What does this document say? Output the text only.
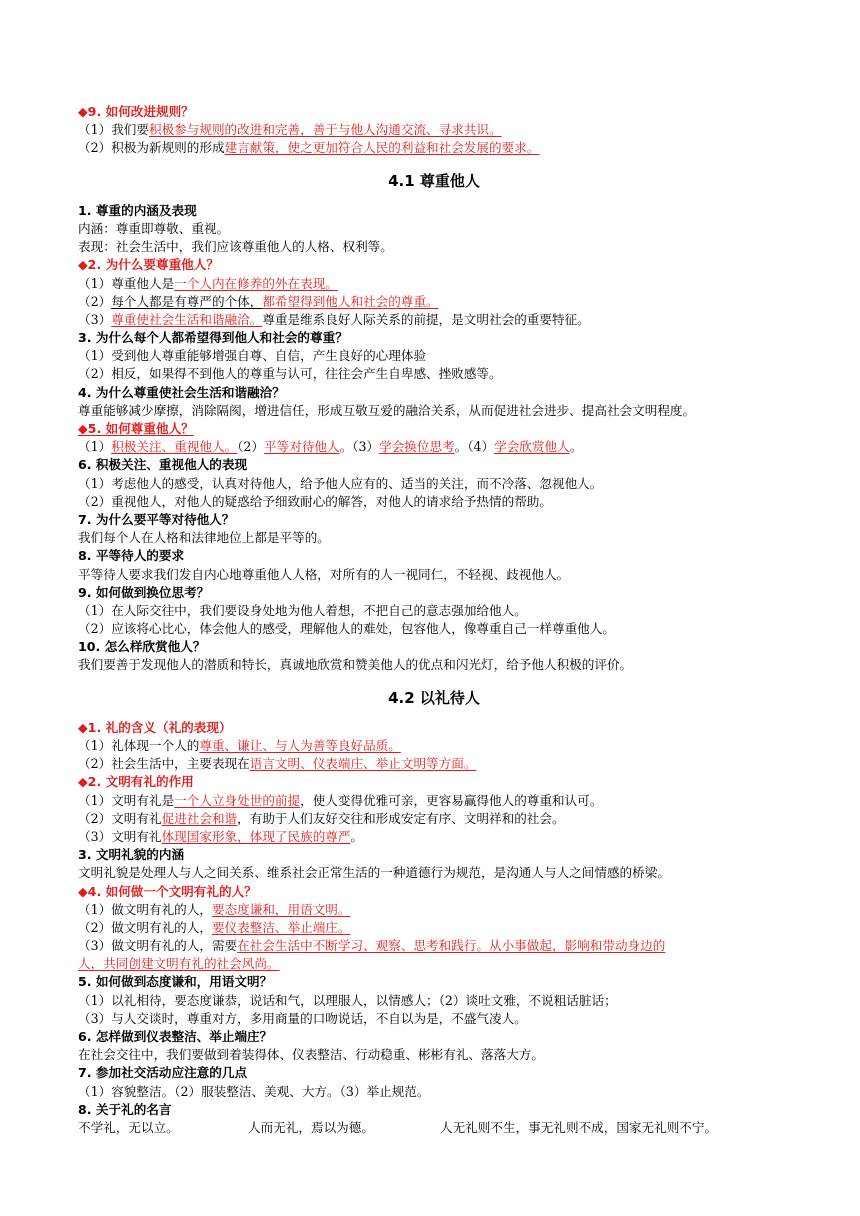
◆9. 如何改进规则？
（1）我们要积极参与规则的改进和完善，善于与他人沟通交流、寻求共识。
（2）积极为新规则的形成建言献策，使之更加符合人民的利益和社会发展的要求。
4.1 尊重他人
1. 尊重的内涵及表现
内涵：尊重即尊敬、重视。
表现：社会生活中，我们应该尊重他人的人格、权利等。
◆2. 为什么要尊重他人？
（1）尊重他人是一个人内在修养的外在表现。
（2）每个人都是有尊严的个体，都希望得到他人和社会的尊重。
（3）尊重使社会生活和谐融洽。尊重是维系良好人际关系的前提，是文明社会的重要特征。
3. 为什么每个人都希望得到他人和社会的尊重？
（1）受到他人尊重能够增强自尊、自信，产生良好的心理体验
（2）相反，如果得不到他人的尊重与认可，往往会产生自卑感、挫败感等。
4. 为什么尊重使社会生活和谐融洽？
尊重能够减少摩擦，消除隔阂，增进信任，形成互敬互爱的融洽关系，从而促进社会进步、提高社会文明程度。
◆5. 如何尊重他人？
（1）积极关注、重视他人。（2）平等对待他人。（3）学会换位思考。（4）学会欣赏他人。
6. 积极关注、重视他人的表现
（1）考虑他人的感受，认真对待他人，给予他人应有的、适当的关注，而不冷落、忽视他人。
（2）重视他人，对他人的疑惑给予细致耐心的解答，对他人的请求给予热情的帮助。
7. 为什么要平等对待他人？
我们每个人在人格和法律地位上都是平等的。
8. 平等待人的要求
平等待人要求我们发自内心地尊重他人人格，对所有的人一视同仁，不轻视、歧视他人。
9. 如何做到换位思考？
（1）在人际交往中，我们要设身处地为他人着想，不把自己的意志强加给他人。
（2）应该将心比心，体会他人的感受，理解他人的难处，包容他人，像尊重自己一样尊重他人。
10. 怎么样欣赏他人？
我们要善于发现他人的潜质和特长，真诚地欣赏和赞美他人的优点和闪光灯，给予他人积极的评价。
4.2 以礼待人
◆1. 礼的含义（礼的表现）
（1）礼体现一个人的尊重、谦让、与人为善等良好品质。
（2）社会生活中，主要表现在语言文明、仪表端庄、举止文明等方面。
◆2. 文明有礼的作用
（1）文明有礼是一个人立身处世的前提，使人变得优雅可亲，更容易赢得他人的尊重和认可。
（2）文明有礼促进社会和谐，有助于人们友好交往和形成安定有序、文明祥和的社会。
（3）文明有礼体现国家形象，体现了民族的尊严。
3. 文明礼貌的内涵
文明礼貌是处理人与人之间关系、维系社会正常生活的一种道德行为规范，是沟通人与人之间情感的桥梁。
◆4. 如何做一个文明有礼的人？
（1）做文明有礼的人，要态度谦和，用语文明。
（2）做文明有礼的人，要仪表整洁、举止端庄。
（3）做文明有礼的人，需要在社会生活中不断学习、观察、思考和践行。从小事做起，影响和带动身边的
人，共同创建文明有礼的社会风尚。
5. 如何做到态度谦和，用语文明？
（1）以礼相待，要态度谦恭，说话和气，以理服人，以情感人；（2）谈吐文雅，不说粗话脏话；
（3）与人交谈时，尊重对方，多用商量的口吻说话，不自以为是，不盛气凌人。
6. 怎样做到仪表整洁、举止端庄？
在社会交往中，我们要做到着装得体、仪表整洁、行动稳重、彬彬有礼、落落大方。
7. 参加社交活动应注意的几点
（1）容貌整洁。（2）服装整洁、美观、大方。（3）举止规范。
8. 关于礼的名言
不学礼，无以立。	人而无礼，焉以为德。	人无礼则不生，事无礼则不成，国家无礼则不宁。
